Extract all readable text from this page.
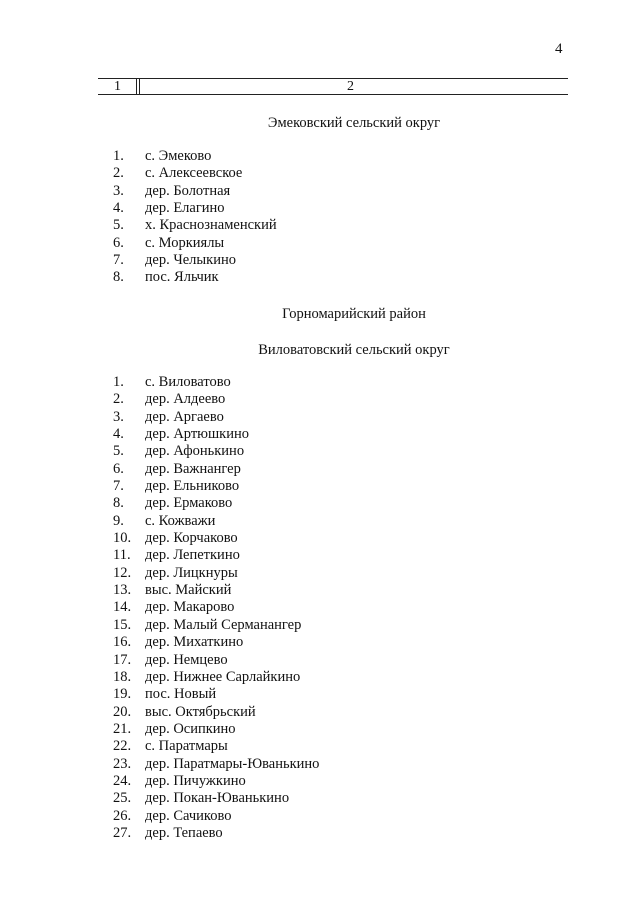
4
1	2
Эмековский сельский округ
1. с. Эмеково
2. с. Алексеевское
3. дер. Болотная
4. дер. Елагино
5. х. Краснознаменский
6. с. Моркиялы
7. дер. Челыкино
8. пос. Яльчик
Горномарийский район
Виловатовский сельский округ
1. с. Виловатово
2. дер. Алдеево
3. дер. Аргаево
4. дер. Артюшкино
5. дер. Афонькино
6. дер. Важнангер
7. дер. Ельниково
8. дер. Ермаково
9. с. Кожважи
10. дер. Корчаково
11. дер. Лепеткино
12. дер. Лицкнуры
13. выс. Майский
14. дер. Макарово
15. дер. Малый Серманангер
16. дер. Михаткино
17. дер. Немцево
18. дер. Нижнее Сарлайкино
19. пос. Новый
20. выс. Октябрьский
21. дер. Осипкино
22. с. Паратмары
23. дер. Паратмары-Юванькино
24. дер. Пичужкино
25. дер. Покан-Юванькино
26. дер. Сачиково
27. дер. Тепаево
